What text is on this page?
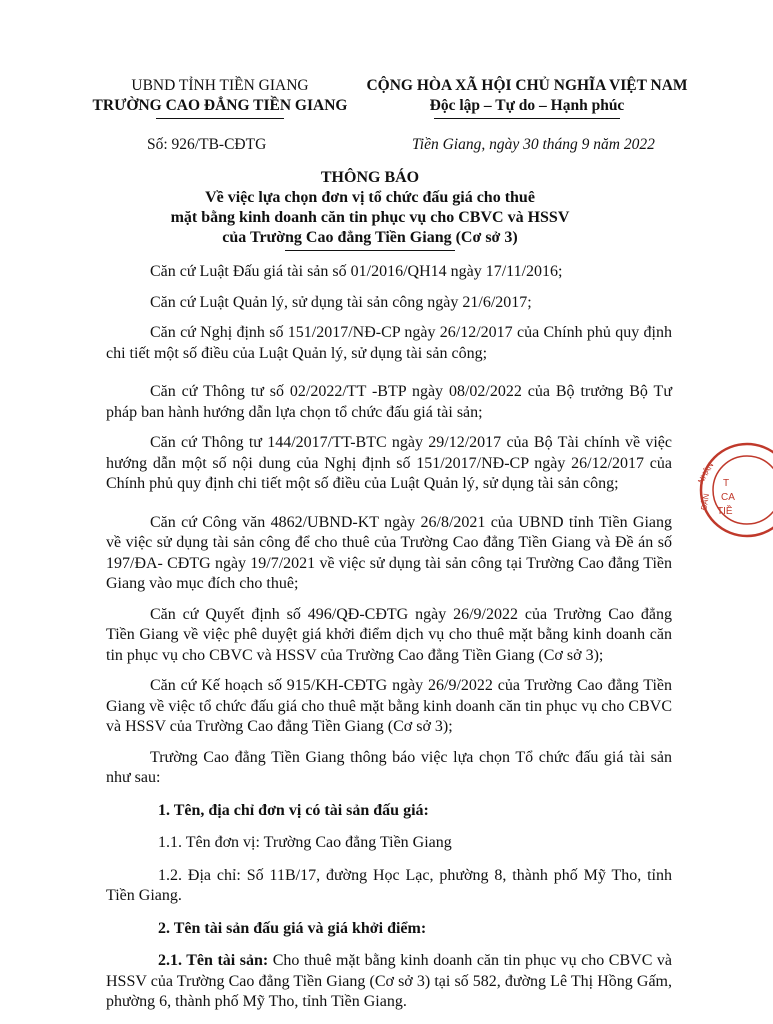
UBND TỈNH TIỀN GIANG
TRƯỜNG CAO ĐẲNG TIỀN GIANG
CỘNG HÒA XÃ HỘI CHỦ NGHĨA VIỆT NAM
Độc lập – Tự do – Hạnh phúc
Số: 926/TB-CĐTG	Tiền Giang, ngày 30 tháng 9 năm 2022
THÔNG BÁO
Về việc lựa chọn đơn vị tổ chức đấu giá cho thuê
mặt bằng kinh doanh căn tin phục vụ cho CBVC và HSSV
của Trường Cao đẳng Tiền Giang (Cơ sở 3)

Căn cứ Luật Đấu giá tài sản số 01/2016/QH14 ngày 17/11/2016;

Căn cứ Luật Quản lý, sử dụng tài sản công ngày 21/6/2017;

Căn cứ Nghị định số 151/2017/NĐ-CP ngày 26/12/2017 của Chính phủ quy định chi tiết một số điều của Luật Quản lý, sử dụng tài sản công;

Căn cứ Thông tư số 02/2022/TT -BTP ngày 08/02/2022 của Bộ trưởng Bộ Tư pháp ban hành hướng dẫn lựa chọn tổ chức đấu giá tài sản;

Căn cứ Thông tư 144/2017/TT-BTC ngày 29/12/2017 của Bộ Tài chính về việc hướng dẫn một số nội dung của Nghị định số 151/2017/NĐ-CP ngày 26/12/2017 của Chính phủ quy định chi tiết một số điều của Luật Quản lý, sử dụng tài sản công;

Căn cứ Công văn 4862/UBND-KT ngày 26/8/2021 của UBND tỉnh Tiền Giang về việc sử dụng tài sản công để cho thuê của Trường Cao đẳng Tiền Giang và Đề án số 197/ĐA- CĐTG ngày 19/7/2021 về việc sử dụng tài sản công tại Trường Cao đẳng Tiền Giang vào mục đích cho thuê;

Căn cứ Quyết định số 496/QĐ-CĐTG ngày 26/9/2022 của Trường Cao đẳng Tiền Giang về việc phê duyệt giá khởi điểm dịch vụ cho thuê mặt bằng kinh doanh căn tin phục vụ cho CBVC và HSSV của Trường Cao đẳng Tiền Giang (Cơ sở 3);

Căn cứ Kế hoạch số 915/KH-CĐTG ngày 26/9/2022 của Trường Cao đẳng Tiền Giang về việc tổ chức đấu giá cho thuê mặt bằng kinh doanh căn tin phục vụ cho CBVC và HSSV của Trường Cao đẳng Tiền Giang (Cơ sở 3);

Trường Cao đẳng Tiền Giang thông báo việc lựa chọn Tổ chức đấu giá tài sản như sau:

1. Tên, địa chỉ đơn vị có tài sản đấu giá:

1.1. Tên đơn vị: Trường Cao đẳng Tiền Giang

1.2. Địa chỉ: Số 11B/17, đường Học Lạc, phường 8, thành phố Mỹ Tho, tỉnh Tiền Giang.

2. Tên tài sản đấu giá và giá khởi điểm:

2.1. Tên tài sản: Cho thuê mặt bằng kinh doanh căn tin phục vụ cho CBVC và HSSV của Trường Cao đẳng Tiền Giang (Cơ sở 3) tại số 582, đường Lê Thị Hồng Gấm, phường 6, thành phố Mỹ Tho, tỉnh Tiền Giang.

NHÂN
ĐÂN
T
CA
TIỀ
